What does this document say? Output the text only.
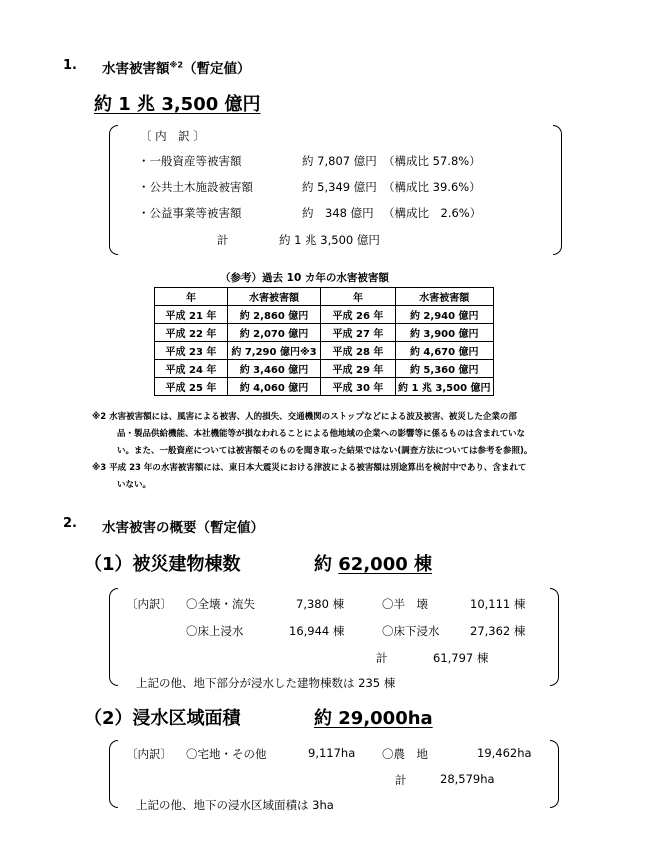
1. 水害被害額$^{※2}$（暫定値）
約 1 兆 3,500 億円
〔 内　訳 〕
・一般資産等被害額	約 7,807 億円 （構成比 57.8%）
・公共土木施設被害額	約 5,349 億円 （構成比 39.6%）
・公益事業等被害額	約　348 億円 （構成比　2.6%）
計	約 1 兆 3,500 億円
（参考）過去 10 カ年の水害被害額
年	水害被害額	年	水害被害額
平成 21 年	約 2,860 億円	平成 26 年	約 2,940 億円
平成 22 年	約 2,070 億円	平成 27 年	約 3,900 億円
平成 23 年	約 7,290 億円※3	平成 28 年	約 4,670 億円
平成 24 年	約 3,460 億円	平成 29 年	約 5,360 億円
平成 25 年	約 4,060 億円	平成 30 年	約 1 兆 3,500 億円
※2 水害被害額には、風害による被害、人的損失、交通機関のストップなどによる波及被害、被災した企業の部
品・製品供給機能、本社機能等が損なわれることによる他地域の企業への影響等に係るものは含まれていな
い。また、一般資産については被害額そのものを聞き取った結果ではない(調査方法については参考を参照)。
※3 平成 23 年の水害被害額には、東日本大震災における津波による被害額は別途算出を検討中であり、含まれて
いない。
2. 水害被害の概要（暫定値）
（1）被災建物棟数	約 62,000 棟
〔内訳〕 〇全壊・流失	7,380 棟	〇半　壊	10,111 棟
〇床上浸水	16,944 棟	〇床下浸水	27,362 棟
計	61,797 棟
上記の他、地下部分が浸水した建物棟数は 235 棟
（2）浸水区域面積	約 29,000ha
〔内訳〕 〇宅地・その他	9,117ha 〇農　地	19,462ha
計	28,579ha
上記の他、地下の浸水区域面積は 3ha
